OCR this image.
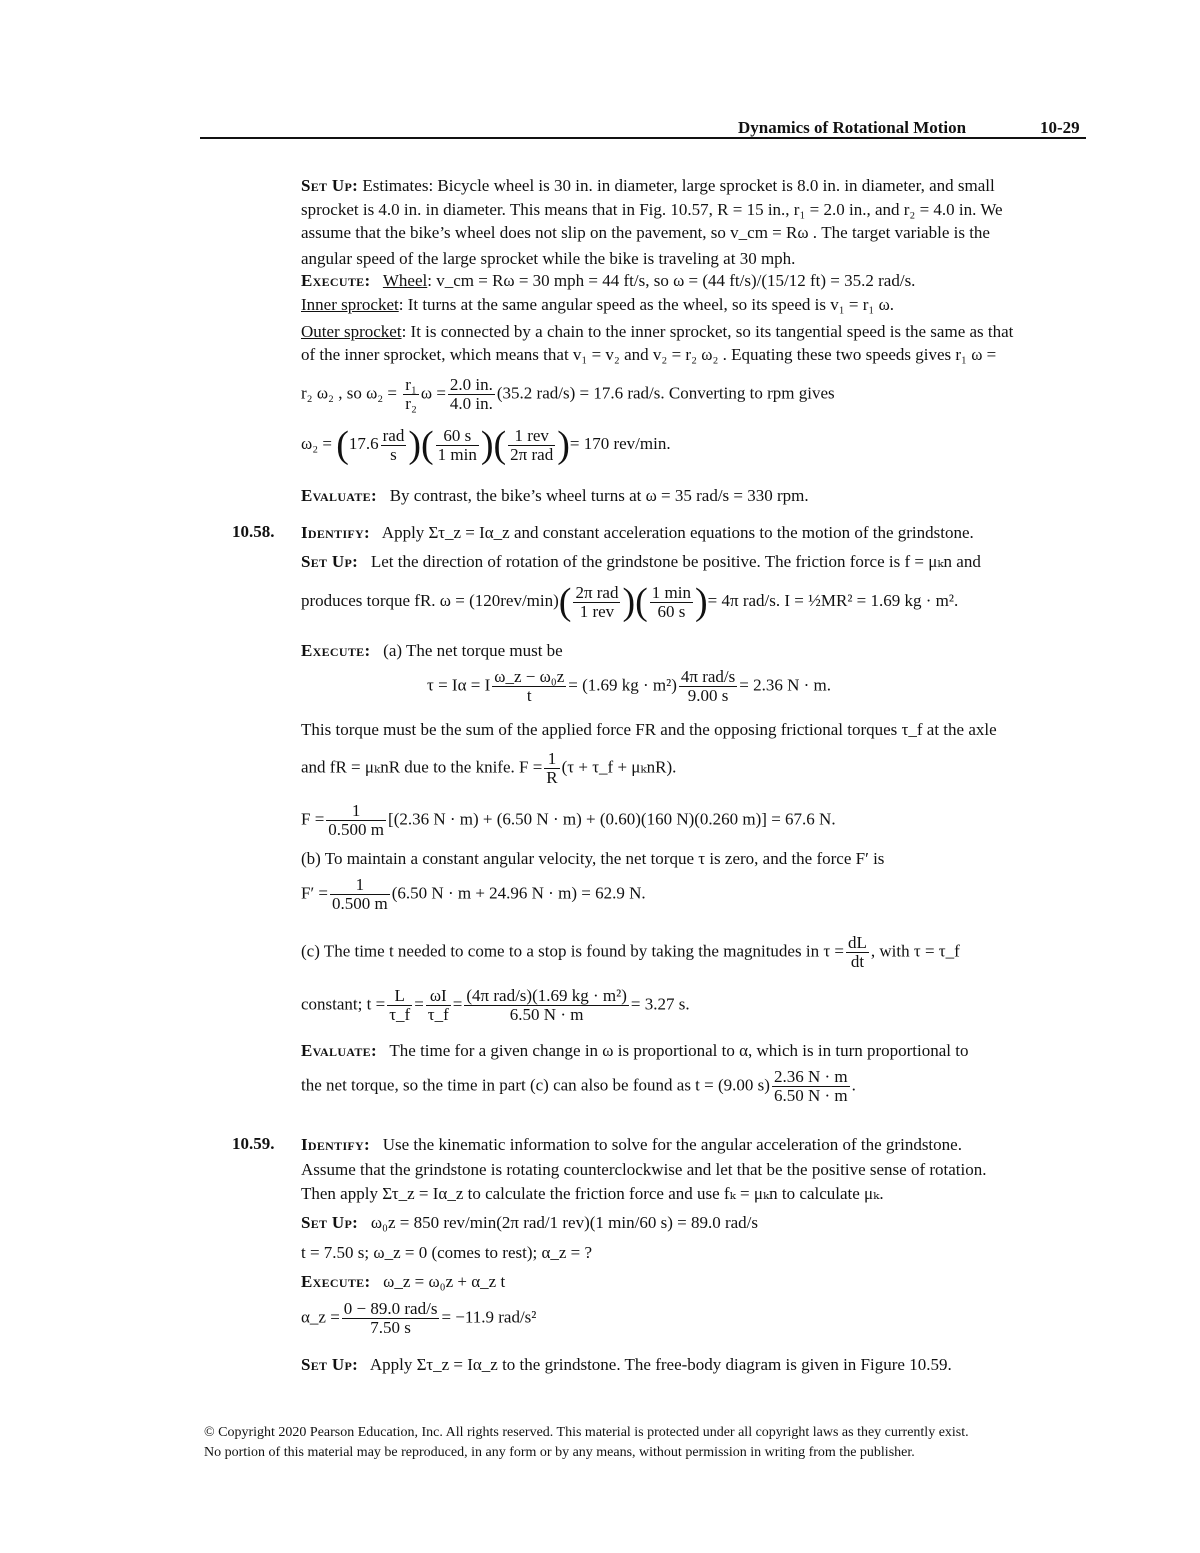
Dynamics of Rotational Motion	10-29
Set Up: Estimates: Bicycle wheel is 30 in. in diameter, large sprocket is 8.0 in. in diameter, and small
sprocket is 4.0 in. in diameter. This means that in Fig. 10.57, R = 15 in., r₁ = 2.0 in., and r₂ = 4.0 in. We
assume that the bike’s wheel does not slip on the pavement, so v_cm = Rω . The target variable is the
angular speed of the large sprocket while the bike is traveling at 30 mph.
Execute: Wheel: v_cm = Rω = 30 mph = 44 ft/s, so ω = (44 ft/s)/(15/12 ft) = 35.2 rad/s.
Inner sprocket: It turns at the same angular speed as the wheel, so its speed is v₁ = r₁ ω.
Outer sprocket: It is connected by a chain to the inner sprocket, so its tangential speed is the same as that
of the inner sprocket, which means that v₁ = v₂ and v₂ = r₂ ω₂ . Equating these two speeds gives r₁ ω =
r₂ ω₂ , so $\omega_2 = \frac{\text{r₁}}{\text{r₂}}$ $\omega = \frac{2.0 in.}{4.0 in.} (35.2$ rad/s) = 17.6 rad/s. Converting to rpm gives
$\omega_2 = (17.6 \frac{\text{rad}}{s}$ )( $\frac{60 s}{1 \min}$ )( $\frac{\text{1 rev}}{\text{2π rad}}$ )= 170 rev/min.
Evaluate: By contrast, the bike’s wheel turns at ω = 35 rad/s = 330 rpm.
10.58. Identify: Apply Στ_z = Iα_z and constant acceleration equations to the motion of the grindstone.
Set Up: Let the direction of rotation of the grindstone be positive. The friction force is f = μₖn and
produces torque fR. $\omega = (120rev/\min)( \frac{\text{2π rad}}{\text{1 rev}}$ )( $\frac{1 \min}{60 s}$ )= 4π rad/s. I = ½MR² = 1.69 kg · m².
Execute: (a) The net torque must be
τ = Iα = I $\frac{\text{ω\_z − ω₀z}}{t} = (1.69$ kg · $m^2) \frac{\text{4π rad/s}}{9.00 s} = 2.36$ N · m.
This torque must be the sum of the applied force FR and the opposing frictional torques τ_f at the axle
and fR = μₖnR due to the knife. $F = \frac{1}{R} (\tau$ + τ_f + μₖnR).
$F = \frac{1}{0.500 m} [(2.36$ N · m) + (6.50 N · m) + (0.60)(160 N)(0.260 m)] = 67.6 N.
(b) To maintain a constant angular velocity, the net torque τ is zero, and the force F′ is
$F' = \frac{1}{0.500 m} (6.50$ N · m + 24.96 N · m) = 62.9 N.
(c) The time t needed to come to a stop is found by taking the magnitudes in $\tau = \frac{dL}{dt}$ , with τ = τ_f
constant; $t = \frac{L}{\tau\_f} = \frac{\omega I}{\tau\_f} = \frac{\text{(4π rad/s)(1.69 kg · m²)}}{6.50 N \cdot m} = 3.27$ s.
Evaluate: The time for a given change in ω is proportional to α, which is in turn proportional to
the net torque, so the time in part (c) can also be found as t = (9.00 $s) \frac{2.36 N \cdot m}{6.50 N \cdot m}$ .
10.59. Identify: Use the kinematic information to solve for the angular acceleration of the grindstone.
Assume that the grindstone is rotating counterclockwise and let that be the positive sense of rotation.
Then apply Στ_z = Iα_z to calculate the friction force and use fₖ = μₖn to calculate μₖ.
Set Up: ω₀z = 850 rev/min(2π rad/1 rev)(1 min/60 s) = 89.0 rad/s
t = 7.50 s; ω_z = 0 (comes to rest); α_z = ?
Execute: ω_z = ω₀z + α_z t
α_z = $\frac{\text{0 − 89.0 rad/s}}{7.50 s} = -11.9$ rad/s²
Set Up: Apply Στ_z = Iα_z to the grindstone. The free-body diagram is given in Figure 10.59.
© Copyright 2020 Pearson Education, Inc. All rights reserved. This material is protected under all copyright laws as they currently exist.
No portion of this material may be reproduced, in any form or by any means, without permission in writing from the publisher.
